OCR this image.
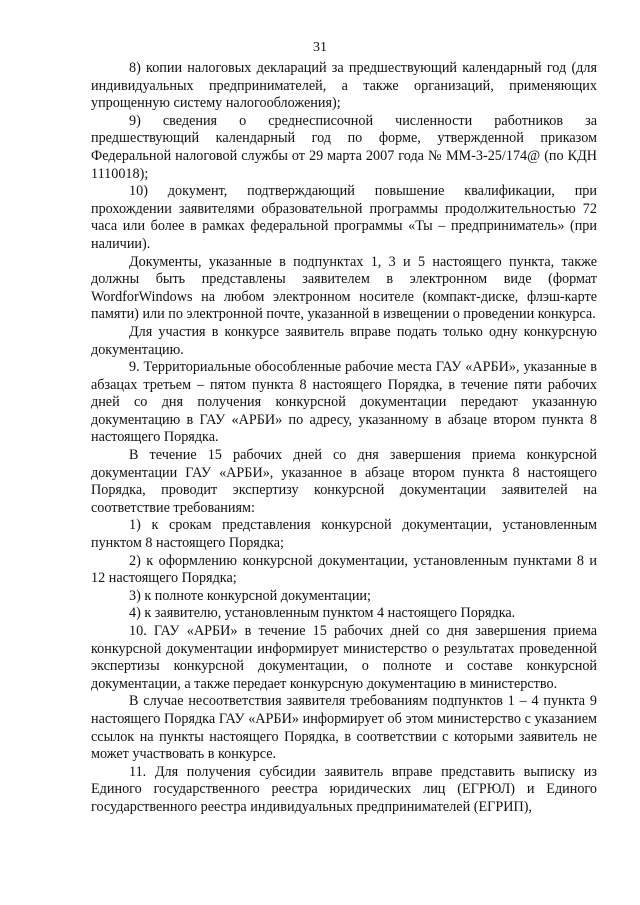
31

8) копии налоговых деклараций за предшествующий календарный год (для индивидуальных предпринимателей, а также организаций, применяющих упрощенную систему налогообложения);

9) сведения о среднесписочной численности работников за предшествующий календарный год по форме, утвержденной приказом Федеральной налоговой службы от 29 марта 2007 года № ММ-3-25/174@ (по КДН 1110018);

10) документ, подтверждающий повышение квалификации, при прохождении заявителями образовательной программы продолжительностью 72 часа или более в рамках федеральной программы «Ты – предприниматель» (при наличии).

Документы, указанные в подпунктах 1, 3 и 5 настоящего пункта, также должны быть представлены заявителем в электронном виде (формат WordforWindows на любом электронном носителе (компакт-диске, флэш-карте памяти) или по электронной почте, указанной в извещении о проведении конкурса.

Для участия в конкурсе заявитель вправе подать только одну конкурсную документацию.

9. Территориальные обособленные рабочие места ГАУ «АРБИ», указанные в абзацах третьем – пятом пункта 8 настоящего Порядка, в течение пяти рабочих дней со дня получения конкурсной документации передают указанную документацию в ГАУ «АРБИ» по адресу, указанному в абзаце втором пункта 8 настоящего Порядка.

В течение 15 рабочих дней со дня завершения приема конкурсной документации ГАУ «АРБИ», указанное в абзаце втором пункта 8 настоящего Порядка, проводит экспертизу конкурсной документации заявителей на соответствие требованиям:

1) к срокам представления конкурсной документации, установленным пунктом 8 настоящего Порядка;

2) к оформлению конкурсной документации, установленным пунктами 8 и 12 настоящего Порядка;

3) к полноте конкурсной документации;

4) к заявителю, установленным пунктом 4 настоящего Порядка.

10. ГАУ «АРБИ» в течение 15 рабочих дней со дня завершения приема конкурсной документации информирует министерство о результатах проведенной экспертизы конкурсной документации, о полноте и составе конкурсной документации, а также передает конкурсную документацию в министерство.

В случае несоответствия заявителя требованиям подпунктов 1 – 4 пункта 9 настоящего Порядка ГАУ «АРБИ» информирует об этом министерство с указанием ссылок на пункты настоящего Порядка, в соответствии с которыми заявитель не может участвовать в конкурсе.

11. Для получения субсидии заявитель вправе представить выписку из Единого государственного реестра юридических лиц (ЕГРЮЛ) и Единого государственного реестра индивидуальных предпринимателей (ЕГРИП),
